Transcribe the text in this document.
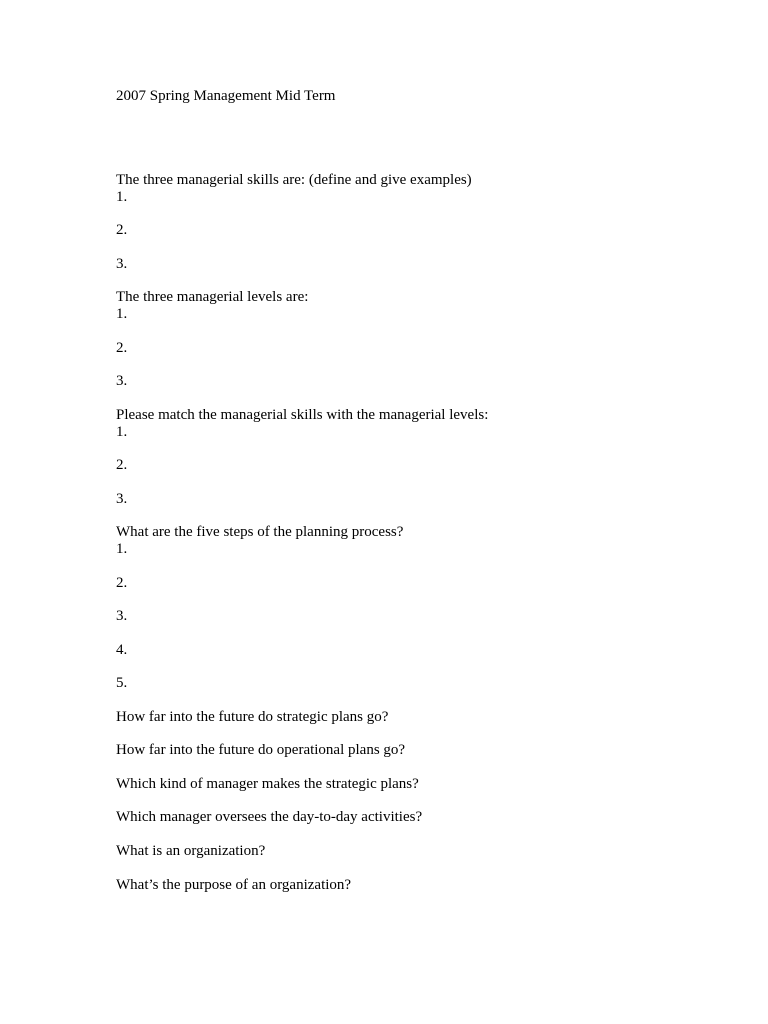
2007 Spring Management Mid Term
The three managerial skills are: (define and give examples)
1.
2.
3.
The three managerial levels are:
1.
2.
3.
Please match the managerial skills with the managerial levels:
1.
2.
3.
What are the five steps of the planning process?
1.
2.
3.
4.
5.
How far into the future do strategic plans go?
How far into the future do operational plans go?
Which kind of manager makes the strategic plans?
Which manager oversees the day-to-day activities?
What is an organization?
What’s the purpose of an organization?
